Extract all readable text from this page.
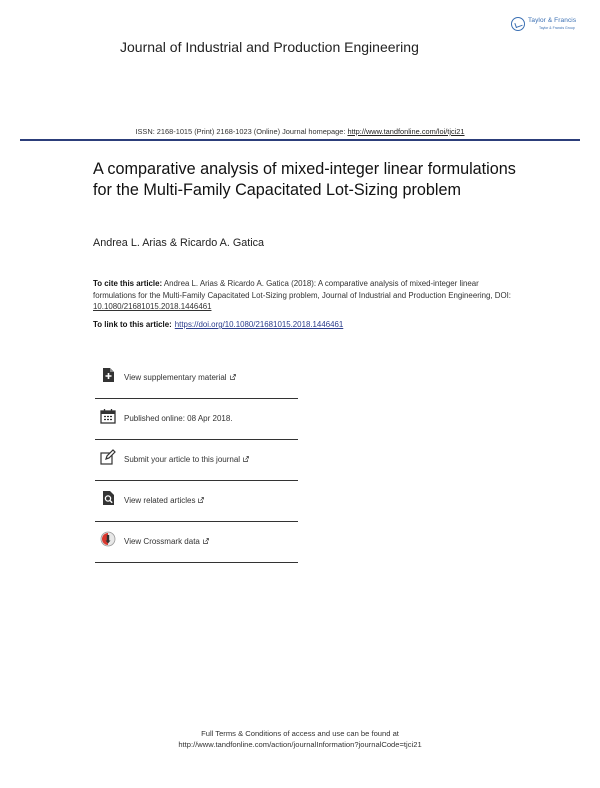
Taylor & Francis
Taylor & Francis Group
Journal of Industrial and Production Engineering
ISSN: 2168-1015 (Print) 2168-1023 (Online) Journal homepage: http://www.tandfonline.com/loi/tjci21
A comparative analysis of mixed-integer linear formulations for the Multi-Family Capacitated Lot-Sizing problem
Andrea L. Arias & Ricardo A. Gatica
To cite this article: Andrea L. Arias & Ricardo A. Gatica (2018): A comparative analysis of mixed-integer linear formulations for the Multi-Family Capacitated Lot-Sizing problem, Journal of Industrial and Production Engineering, DOI: 10.1080/21681015.2018.1446461
To link to this article: https://doi.org/10.1080/21681015.2018.1446461
View supplementary material
Published online: 08 Apr 2018.
Submit your article to this journal
View related articles
View Crossmark data
Full Terms & Conditions of access and use can be found at
http://www.tandfonline.com/action/journalInformation?journalCode=tjci21
